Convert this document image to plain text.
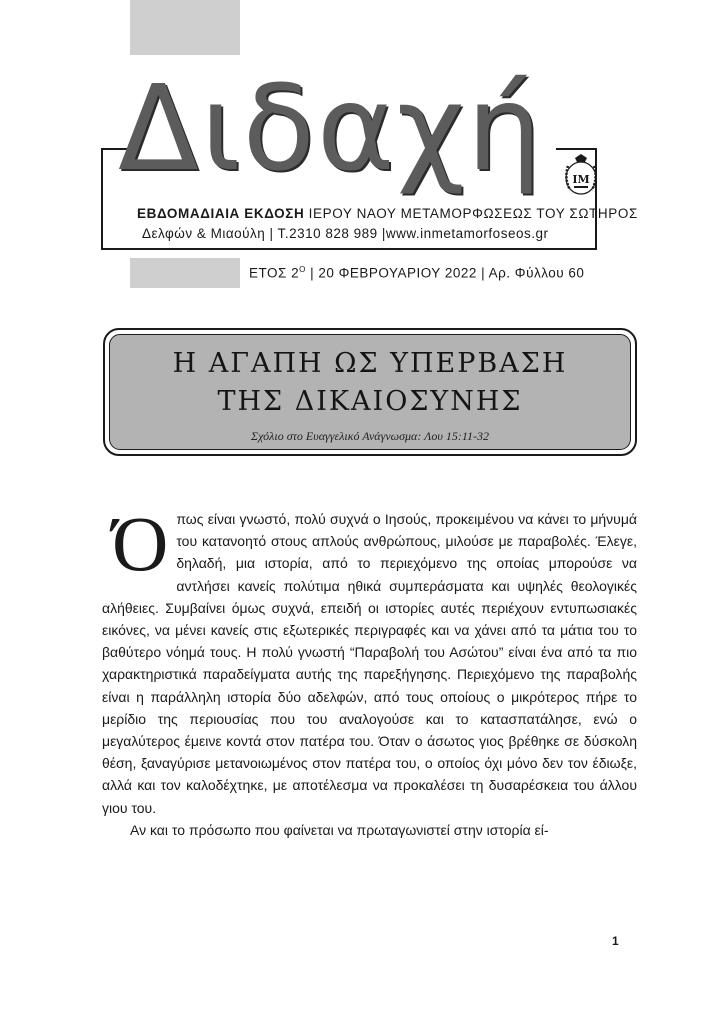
Διδαχή	ΙΜ
ΕΒΔΟΜΑΔΙΑΙΑ ΕΚΔΟΣΗ ΙΕΡΟΥ ΝΑΟΥ ΜΕΤΑΜΟΡΦΩΣΕΩΣ ΤΟΥ ΣΩΤΗΡΟΣ
Δελφών & Μιαούλη | Τ.2310 828 989 |www.inmetamorfoseos.gr
ΕΤΟΣ $2^O$ | 20 ΦΕΒΡΟΥΑΡΙΟΥ 2022 | Αρ. Φύλλου 60
Η ΑΓΑΠΗ ΩΣ ΥΠΕΡΒΑΣΗ
ΤΗΣ ΔΙΚΑΙΟΣΥΝΗΣ
Σχόλιο στο Ευαγγελικό Ανάγνωσμα: Λου 15:11-32

Όπως είναι γνωστό, πολύ συχνά ο Ιησούς, προκειμένου να κάνει το μήνυμά του κατανοητό στους απλούς ανθρώπους, μιλούσε με παραβολές. Έλεγε, δηλαδή, μια ιστορία, από το περιεχόμενο της οποίας μπορούσε να αντλήσει κανείς πολύτιμα ηθικά συμπεράσματα και υψηλές θεολογικές αλήθειες. Συμβαίνει όμως συχνά, επειδή οι ιστορίες αυτές περιέχουν εντυπωσιακές εικόνες, να μένει κανείς στις εξωτερικές περιγραφές και να χάνει από τα μάτια του το βαθύτερο νόημά τους. Η πολύ γνωστή “Παραβολή του Ασώτου” είναι ένα από τα πιο χαρακτηριστικά παραδείγματα αυτής της παρεξήγησης. Περιεχόμενο της παραβολής είναι η παράλληλη ιστορία δύο αδελφών, από τους οποίους ο μικρότερος πήρε το μερίδιο της περιουσίας που του αναλογούσε και το κατασπατάλησε, ενώ ο μεγαλύτερος έμεινε κοντά στον πατέρα του. Όταν ο άσωτος γιος βρέθηκε σε δύσκολη θέση, ξαναγύρισε μετανοιωμένος στον πατέρα του, ο οποίος όχι μόνο δεν τον έδιωξε, αλλά και τον καλοδέχτηκε, με αποτέλεσμα να προκαλέσει τη δυσαρέσκεια του άλλου γιου του.

Αν και το πρόσωπο που φαίνεται να πρωταγωνιστεί στην ιστορία εί-

1
